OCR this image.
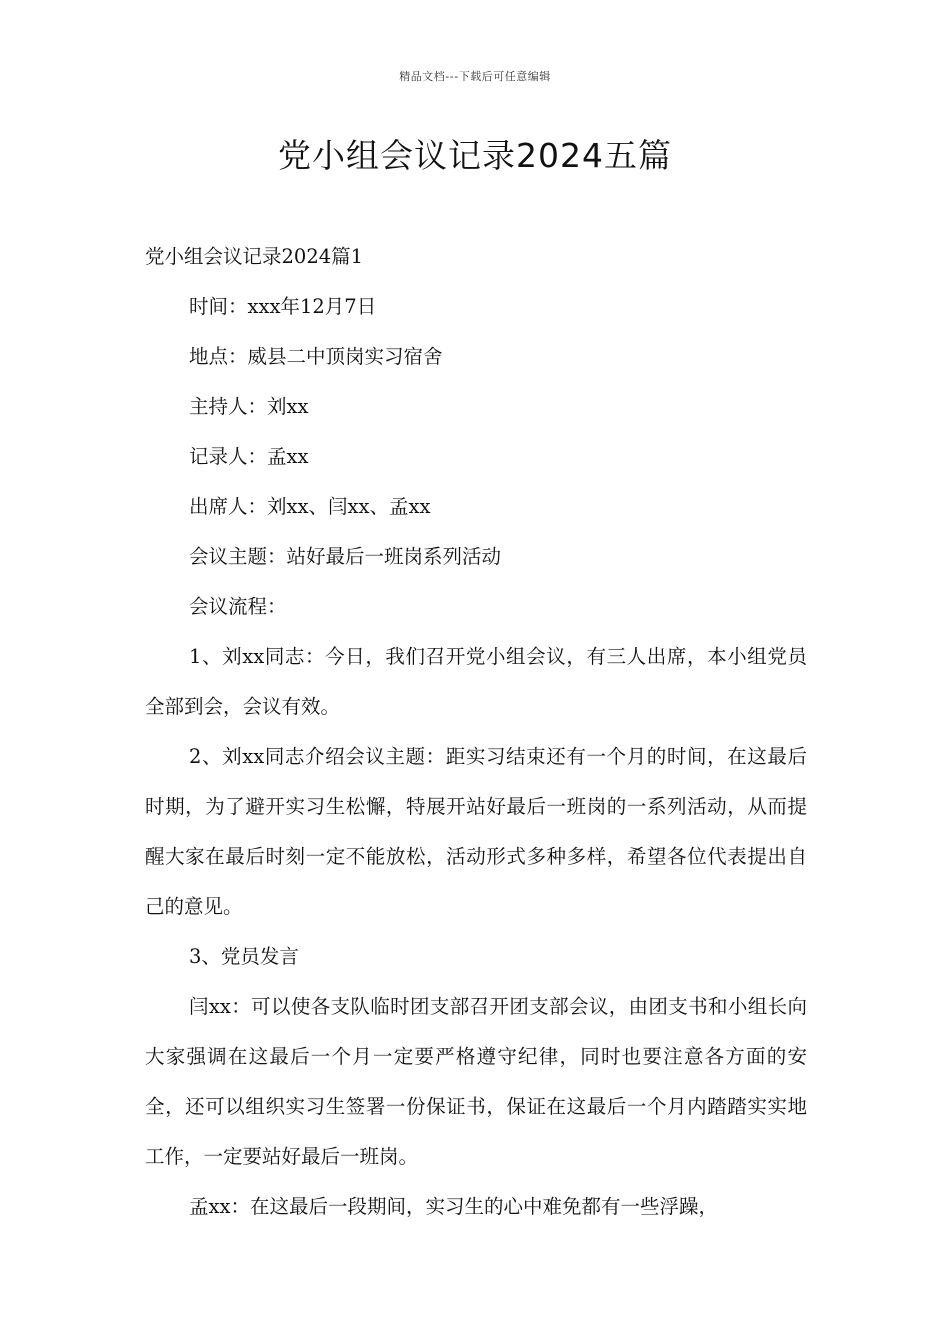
精品文档---下载后可任意编辑
党小组会议记录2024五篇

党小组会议记录2024篇1

时间：xxx年12月7日

地点：威县二中顶岗实习宿舍

主持人：刘xx

记录人：孟xx

出席人：刘xx、闫xx、孟xx

会议主题：站好最后一班岗系列活动

会议流程：

1、刘xx同志：今日，我们召开党小组会议，有三人出席，本小组党员全部到会，会议有效。

2、刘xx同志介绍会议主题：距实习结束还有一个月的时间，在这最后时期，为了避开实习生松懈，特展开站好最后一班岗的一系列活动，从而提醒大家在最后时刻一定不能放松，活动形式多种多样，希望各位代表提出自己的意见。

3、党员发言

闫xx：可以使各支队临时团支部召开团支部会议，由团支书和小组长向大家强调在这最后一个月一定要严格遵守纪律，同时也要注意各方面的安全，还可以组织实习生签署一份保证书，保证在这最后一个月内踏踏实实地工作，一定要站好最后一班岗。

孟xx：在这最后一段期间，实习生的心中难免都有一些浮躁，
